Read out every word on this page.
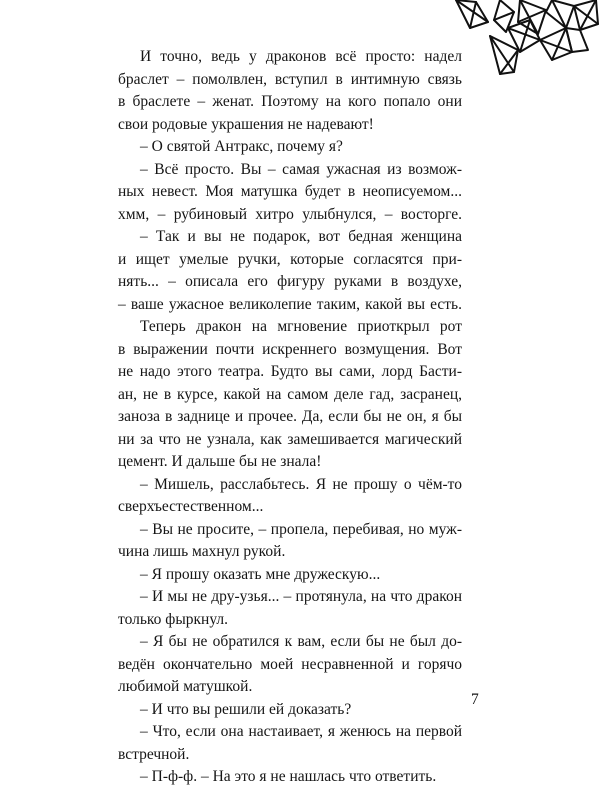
И точно, ведь у драконов всё просто: надел
браслет – помолвлен, вступил в интимную связь
в браслете – женат. Поэтому на кого попало они
свои родовые украшения не надевают!

– О святой Антракс, почему я?

– Всё просто. Вы – самая ужасная из возмож-
ных невест. Моя матушка будет в неописуемом...
хмм, – рубиновый хитро улыбнулся, – восторге.

– Так и вы не подарок, вот бедная женщина
и ищет умелые ручки, которые согласятся при-
нять... – описала его фигуру руками в воздухе,
– ваше ужасное великолепие таким, какой вы есть.

Теперь дракон на мгновение приоткрыл рот
в выражении почти искреннего возмущения. Вот
не надо этого театра. Будто вы сами, лорд Басти-
ан, не в курсе, какой на самом деле гад, засранец,
заноза в заднице и прочее. Да, если бы не он, я бы
ни за что не узнала, как замешивается магический
цемент. И дальше бы не знала!

– Мишель, расслабьтесь. Я не прошу о чём-то
сверхъестественном...

– Вы не просите, – пропела, перебивая, но муж-
чина лишь махнул рукой.

– Я прошу оказать мне дружескую...

– И мы не дру-узья... – протянула, на что дракон
только фыркнул.

– Я бы не обратился к вам, если бы не был до-
ведён окончательно моей несравненной и горячо
любимой матушкой.

– И что вы решили ей доказать?

– Что, если она настаивает, я женюсь на первой
встречной.

– П-ф-ф. – На это я не нашлась что ответить.

7
